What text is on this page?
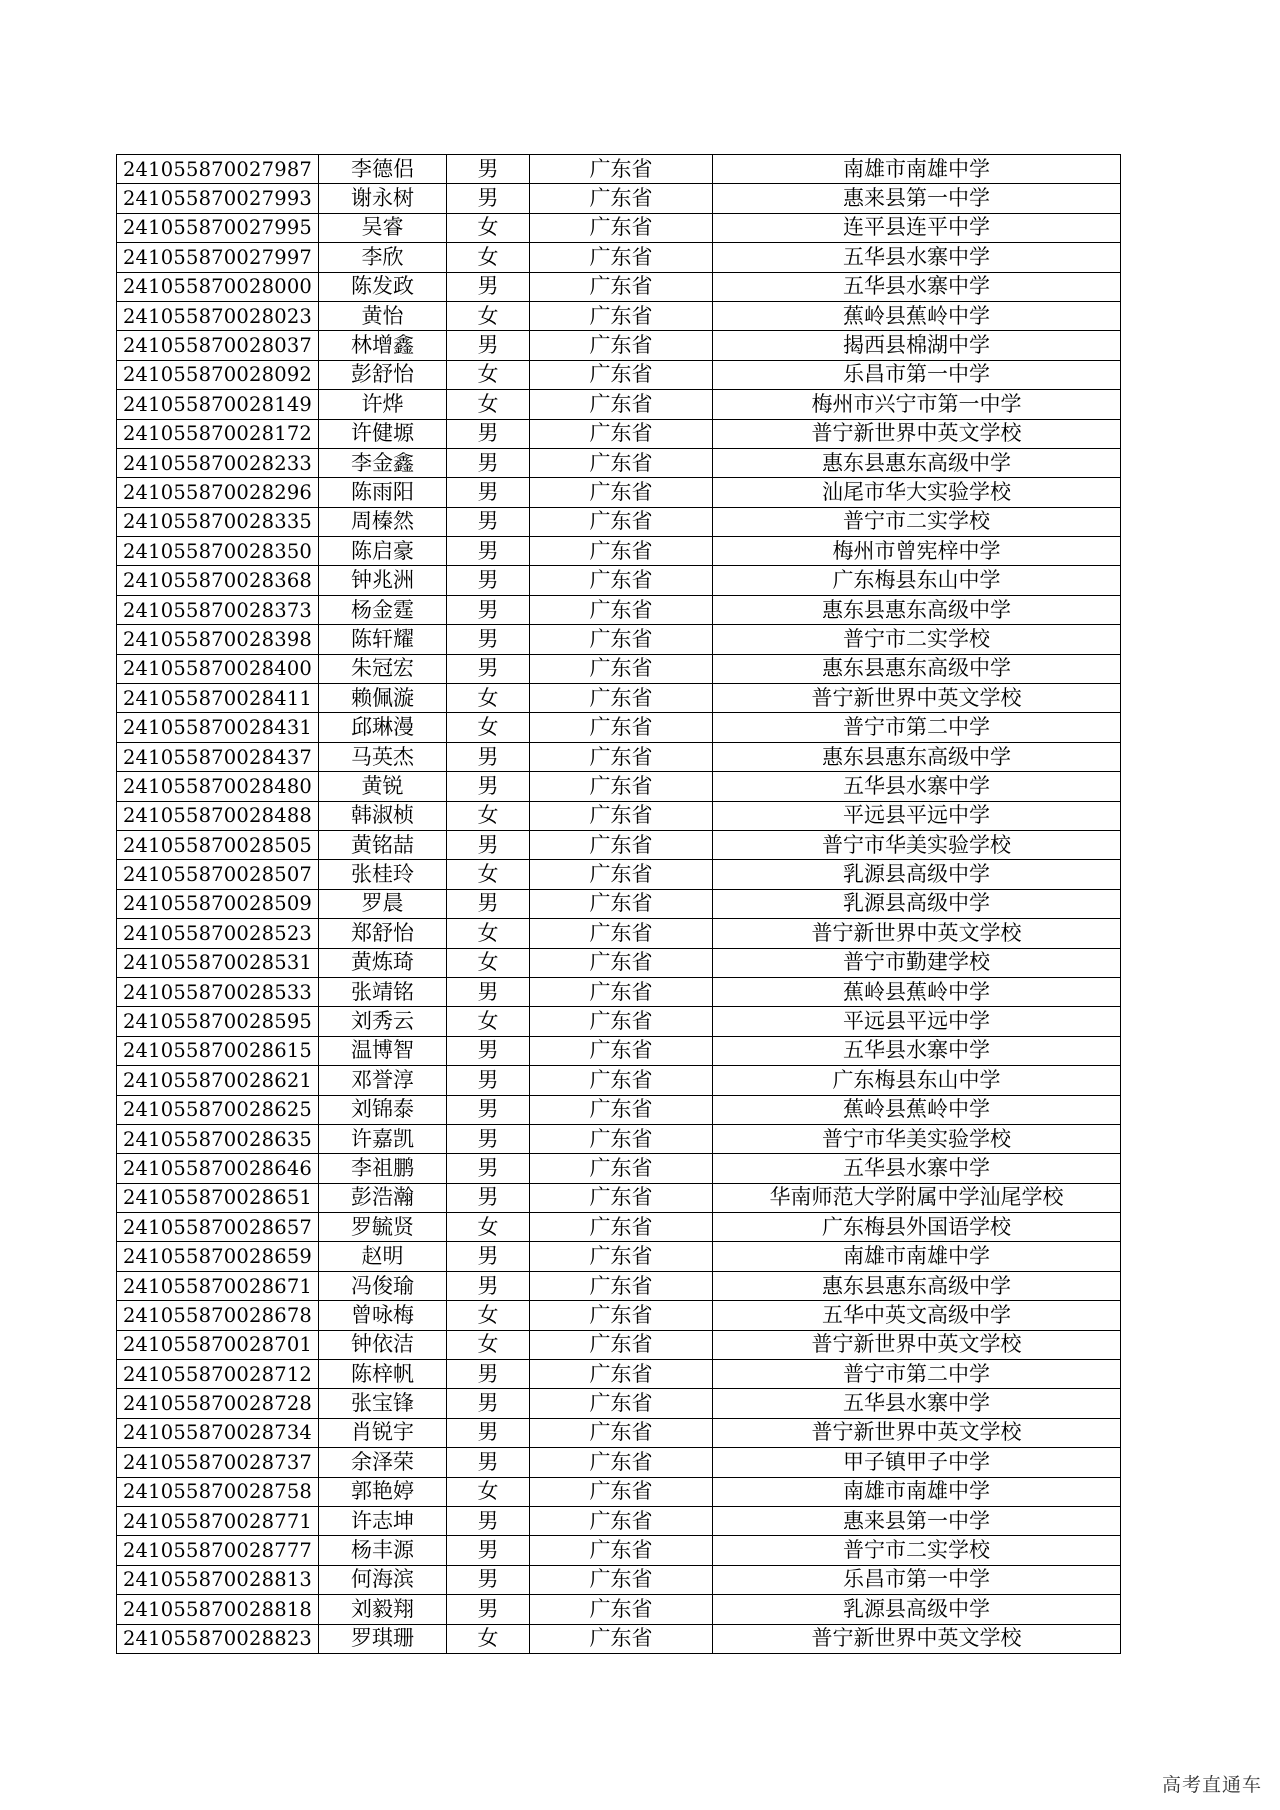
241055870027987	李德侣	男	广东省	南雄市南雄中学
241055870027993	谢永树	男	广东省	惠来县第一中学
241055870027995	吴睿	女	广东省	连平县连平中学
241055870027997	李欣	女	广东省	五华县水寨中学
241055870028000	陈发政	男	广东省	五华县水寨中学
241055870028023	黄怡	女	广东省	蕉岭县蕉岭中学
241055870028037	林增鑫	男	广东省	揭西县棉湖中学
241055870028092	彭舒怡	女	广东省	乐昌市第一中学
241055870028149	许烨	女	广东省	梅州市兴宁市第一中学
241055870028172	许健塬	男	广东省	普宁新世界中英文学校
241055870028233	李金鑫	男	广东省	惠东县惠东高级中学
241055870028296	陈雨阳	男	广东省	汕尾市华大实验学校
241055870028335	周榛然	男	广东省	普宁市二实学校
241055870028350	陈启豪	男	广东省	梅州市曾宪梓中学
241055870028368	钟兆洲	男	广东省	广东梅县东山中学
241055870028373	杨金霆	男	广东省	惠东县惠东高级中学
241055870028398	陈轩耀	男	广东省	普宁市二实学校
241055870028400	朱冠宏	男	广东省	惠东县惠东高级中学
241055870028411	赖佩漩	女	广东省	普宁新世界中英文学校
241055870028431	邱琳漫	女	广东省	普宁市第二中学
241055870028437	马英杰	男	广东省	惠东县惠东高级中学
241055870028480	黄锐	男	广东省	五华县水寨中学
241055870028488	韩淑桢	女	广东省	平远县平远中学
241055870028505	黄铭喆	男	广东省	普宁市华美实验学校
241055870028507	张桂玲	女	广东省	乳源县高级中学
241055870028509	罗晨	男	广东省	乳源县高级中学
241055870028523	郑舒怡	女	广东省	普宁新世界中英文学校
241055870028531	黄炼琦	女	广东省	普宁市勤建学校
241055870028533	张靖铭	男	广东省	蕉岭县蕉岭中学
241055870028595	刘秀云	女	广东省	平远县平远中学
241055870028615	温博智	男	广东省	五华县水寨中学
241055870028621	邓誉淳	男	广东省	广东梅县东山中学
241055870028625	刘锦泰	男	广东省	蕉岭县蕉岭中学
241055870028635	许嘉凯	男	广东省	普宁市华美实验学校
241055870028646	李祖鹏	男	广东省	五华县水寨中学
241055870028651	彭浩瀚	男	广东省	华南师范大学附属中学汕尾学校
241055870028657	罗毓贤	女	广东省	广东梅县外国语学校
241055870028659	赵明	男	广东省	南雄市南雄中学
241055870028671	冯俊瑜	男	广东省	惠东县惠东高级中学
241055870028678	曾咏梅	女	广东省	五华中英文高级中学
241055870028701	钟依洁	女	广东省	普宁新世界中英文学校
241055870028712	陈梓帆	男	广东省	普宁市第二中学
241055870028728	张宝锋	男	广东省	五华县水寨中学
241055870028734	肖锐宇	男	广东省	普宁新世界中英文学校
241055870028737	余泽荣	男	广东省	甲子镇甲子中学
241055870028758	郭艳婷	女	广东省	南雄市南雄中学
241055870028771	许志坤	男	广东省	惠来县第一中学
241055870028777	杨丰源	男	广东省	普宁市二实学校
241055870028813	何海滨	男	广东省	乐昌市第一中学
241055870028818	刘毅翔	男	广东省	乳源县高级中学
241055870028823	罗琪珊	女	广东省	普宁新世界中英文学校
高考直通车
